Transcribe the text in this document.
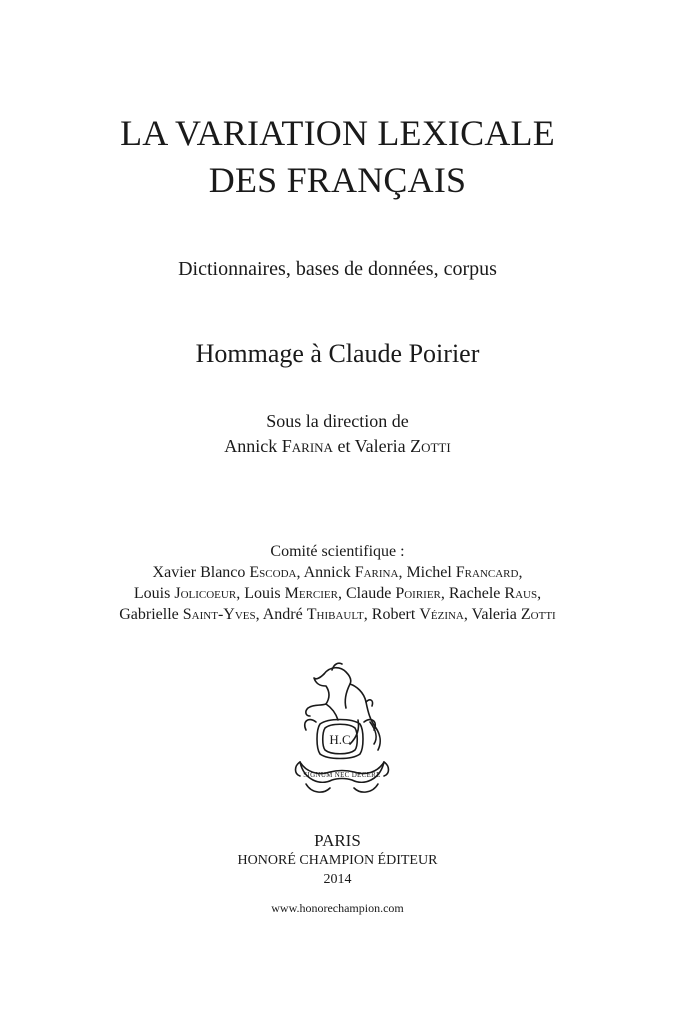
LA VARIATION LEXICALE
DES FRANÇAIS
Dictionnaires, bases de données, corpus
Hommage à Claude Poirier
Sous la direction de
Annick Farina et Valeria Zotti
Comité scientifique :
Xavier Blanco Escoda, Annick Farina, Michel Francard,
Louis Jolicoeur, Louis Mercier, Claude Poirier, Rachele Raus,
Gabrielle Saint-Yves, André Thibault, Robert Vézina, Valeria Zotti
H.C
SIGNUM NEC DECERE
PARIS
HONORÉ CHAMPION ÉDITEUR
2014
www.honorechampion.com
